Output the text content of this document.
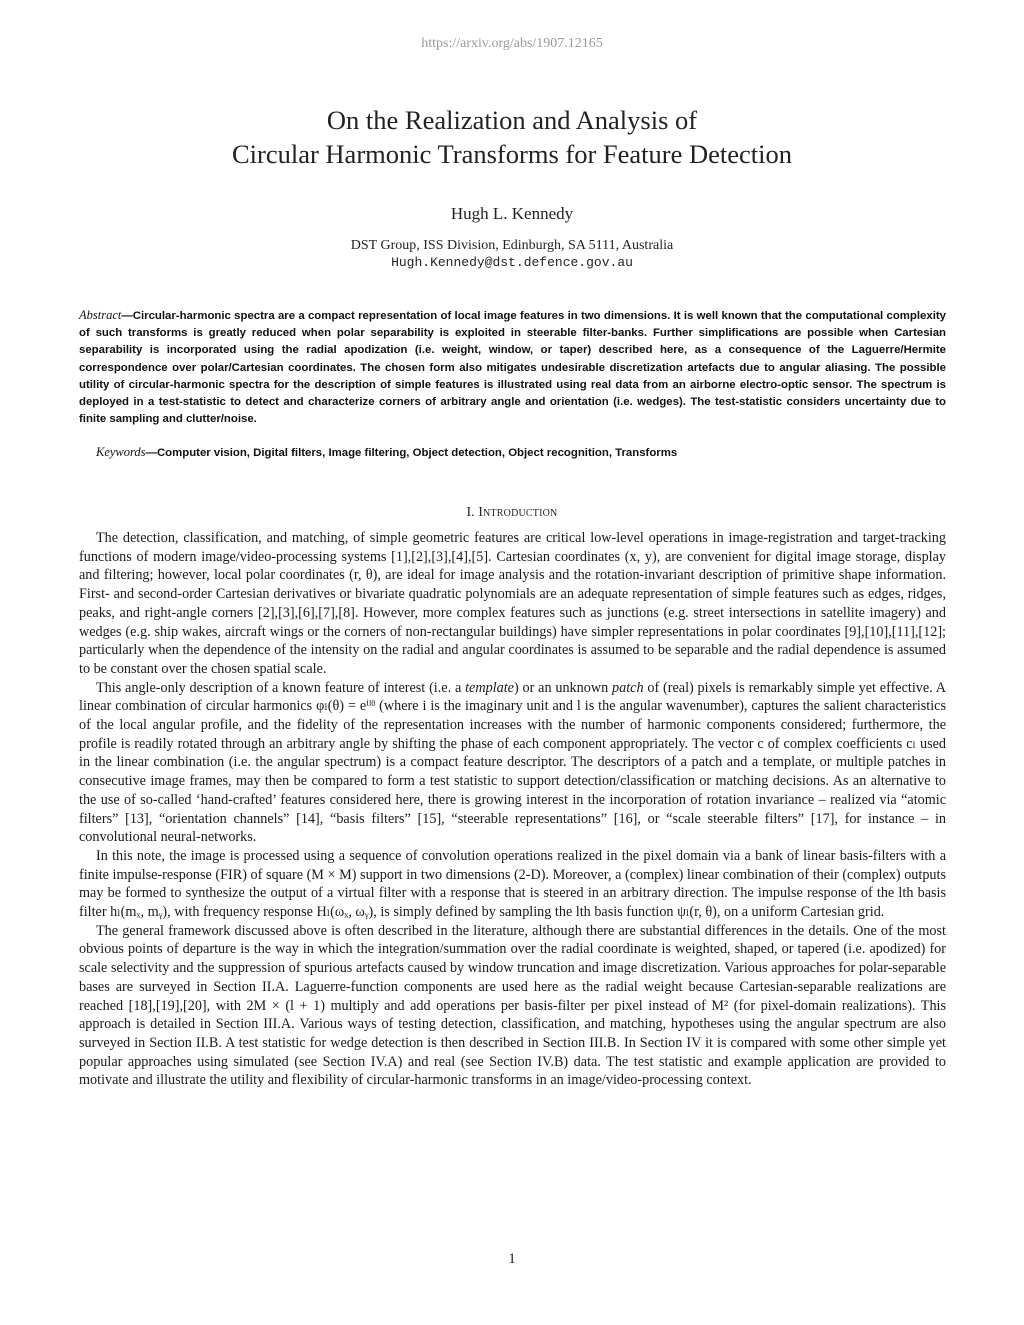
https://arxiv.org/abs/1907.12165
On the Realization and Analysis of
Circular Harmonic Transforms for Feature Detection
Hugh L. Kennedy
DST Group, ISS Division, Edinburgh, SA 5111, Australia
Hugh.Kennedy@dst.defence.gov.au
Abstract—Circular-harmonic spectra are a compact representation of local image features in two dimensions. It is well known that the computational complexity of such transforms is greatly reduced when polar separability is exploited in steerable filter-banks. Further simplifications are possible when Cartesian separability is incorporated using the radial apodization (i.e. weight, window, or taper) described here, as a consequence of the Laguerre/Hermite correspondence over polar/Cartesian coordinates. The chosen form also mitigates undesirable discretization artefacts due to angular aliasing. The possible utility of circular-harmonic spectra for the description of simple features is illustrated using real data from an airborne electro-optic sensor. The spectrum is deployed in a test-statistic to detect and characterize corners of arbitrary angle and orientation (i.e. wedges). The test-statistic considers uncertainty due to finite sampling and clutter/noise.
Keywords—Computer vision, Digital filters, Image filtering, Object detection, Object recognition, Transforms
I. Introduction

The detection, classification, and matching, of simple geometric features are critical low-level operations in image-registration and target-tracking functions of modern image/video-processing systems [1],[2],[3],[4],[5]. Cartesian coordinates (x, y), are convenient for digital image storage, display and filtering; however, local polar coordinates (r, θ), are ideal for image analysis and the rotation-invariant description of primitive shape information. First- and second-order Cartesian derivatives or bivariate quadratic polynomials are an adequate representation of simple features such as edges, ridges, peaks, and right-angle corners [2],[3],[6],[7],[8]. However, more complex features such as junctions (e.g. street intersections in satellite imagery) and wedges (e.g. ship wakes, aircraft wings or the corners of non-rectangular buildings) have simpler representations in polar coordinates [9],[10],[11],[12]; particularly when the dependence of the intensity on the radial and angular coordinates is assumed to be separable and the radial dependence is assumed to be constant over the chosen spatial scale.

This angle-only description of a known feature of interest (i.e. a template) or an unknown patch of (real) pixels is remarkably simple yet effective. A linear combination of circular harmonics φₗ(θ) = eⁱˡᶿ (where i is the imaginary unit and l is the angular wavenumber), captures the salient characteristics of the local angular profile, and the fidelity of the representation increases with the number of harmonic components considered; furthermore, the profile is readily rotated through an arbitrary angle by shifting the phase of each component appropriately. The vector c of complex coefficients cₗ used in the linear combination (i.e. the angular spectrum) is a compact feature descriptor. The descriptors of a patch and a template, or multiple patches in consecutive image frames, may then be compared to form a test statistic to support detection/classification or matching decisions. As an alternative to the use of so-called ‘hand-crafted’ features considered here, there is growing interest in the incorporation of rotation invariance – realized via “atomic filters” [13], “orientation channels” [14], “basis filters” [15], “steerable representations” [16], or “scale steerable filters” [17], for instance – in convolutional neural-networks.

In this note, the image is processed using a sequence of convolution operations realized in the pixel domain via a bank of linear basis-filters with a finite impulse-response (FIR) of square (M × M) support in two dimensions (2-D). Moreover, a (complex) linear combination of their (complex) outputs may be formed to synthesize the output of a virtual filter with a response that is steered in an arbitrary direction. The impulse response of the lth basis filter hₗ(mₓ, mᵧ), with frequency response Hₗ(ωₓ, ωᵧ), is simply defined by sampling the lth basis function ψₗ(r, θ), on a uniform Cartesian grid.

The general framework discussed above is often described in the literature, although there are substantial differences in the details. One of the most obvious points of departure is the way in which the integration/summation over the radial coordinate is weighted, shaped, or tapered (i.e. apodized) for scale selectivity and the suppression of spurious artefacts caused by window truncation and image discretization. Various approaches for polar-separable bases are surveyed in Section II.A. Laguerre-function components are used here as the radial weight because Cartesian-separable realizations are reached [18],[19],[20], with 2M × (l + 1) multiply and add operations per basis-filter per pixel instead of M² (for pixel-domain realizations). This approach is detailed in Section III.A. Various ways of testing detection, classification, and matching, hypotheses using the angular spectrum are also surveyed in Section II.B. A test statistic for wedge detection is then described in Section III.B. In Section IV it is compared with some other simple yet popular approaches using simulated (see Section IV.A) and real (see Section IV.B) data. The test statistic and example application are provided to motivate and illustrate the utility and flexibility of circular-harmonic transforms in an image/video-processing context.

1
